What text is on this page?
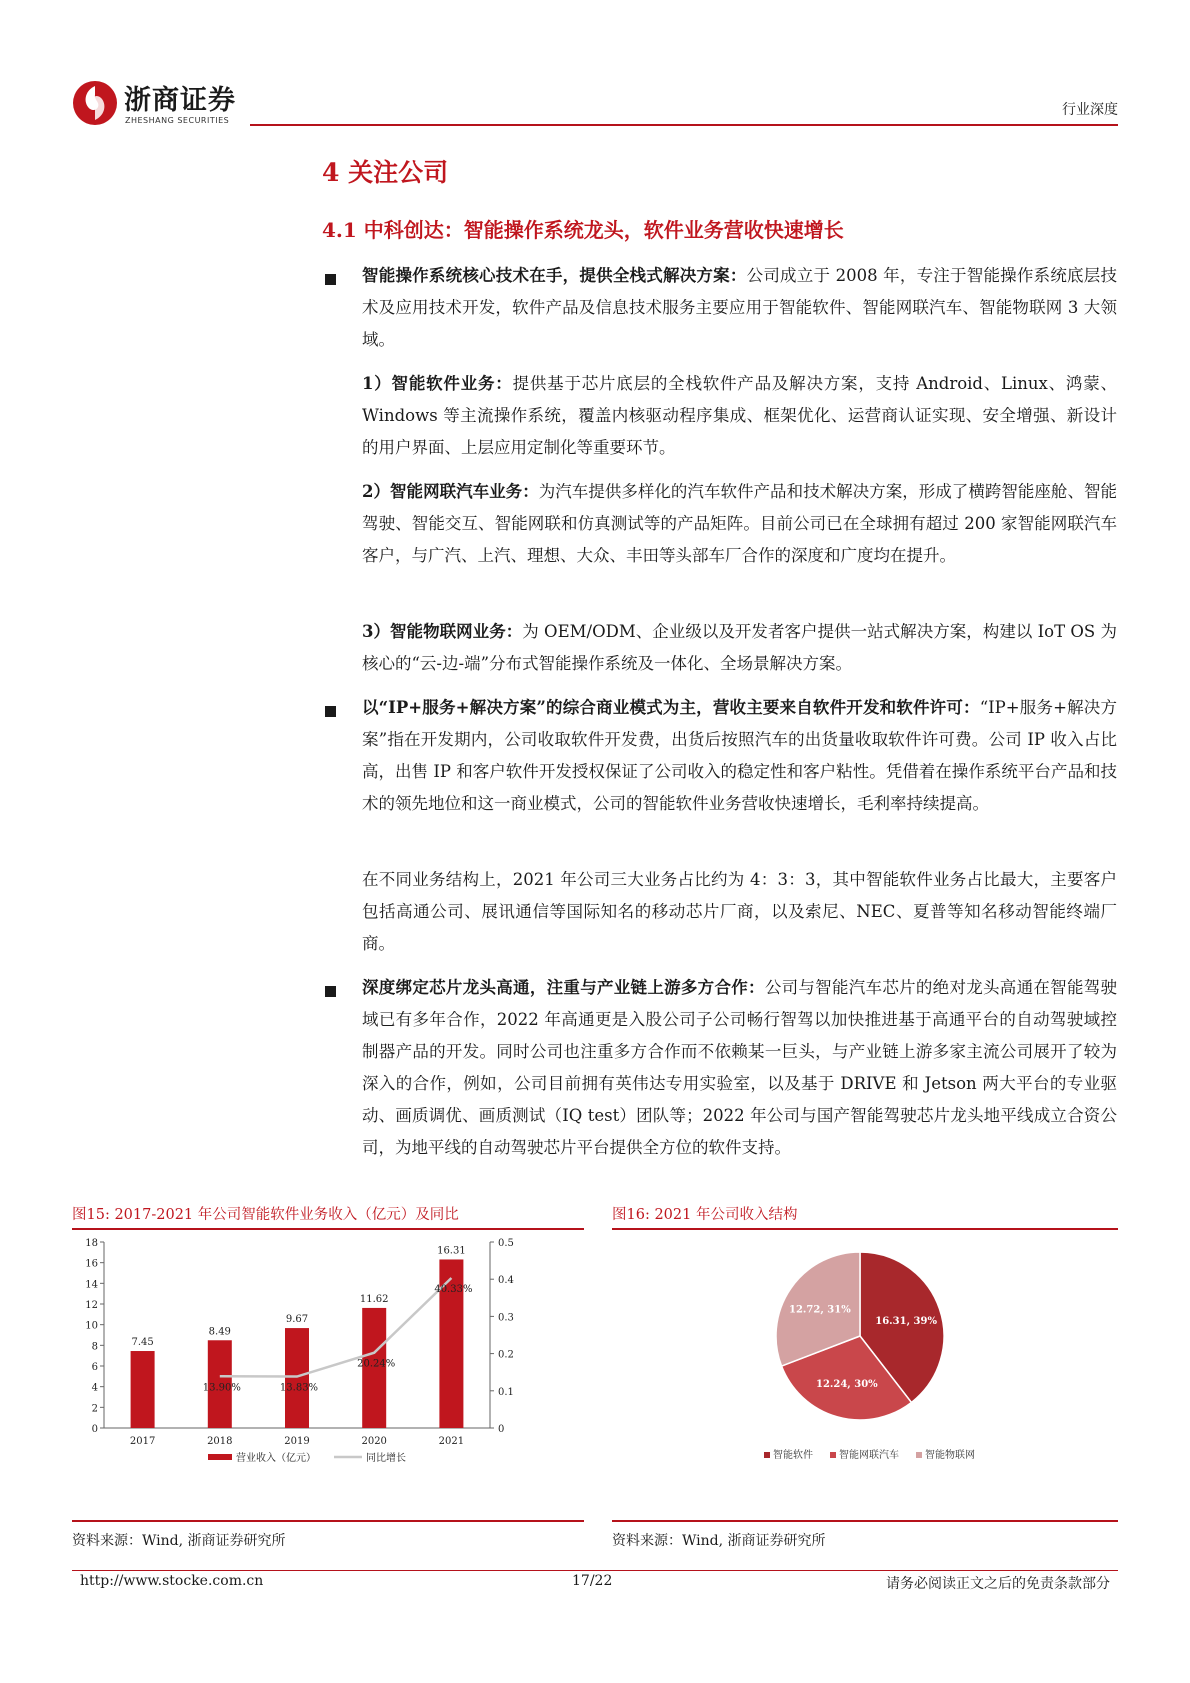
浙商证券
ZHESHANG SECURITIES
行业深度
4 关注公司
4.1 中科创达：智能操作系统龙头，软件业务营收快速增长
智能操作系统核心技术在手，提供全栈式解决方案：公司成立于 2008 年，专注于智能操作系统底层技术及应用技术开发，软件产品及信息技术服务主要应用于智能软件、智能网联汽车、智能物联网 3 大领域。
1）智能软件业务：提供基于芯片底层的全栈软件产品及解决方案，支持 Android、Linux、鸿蒙、Windows 等主流操作系统，覆盖内核驱动程序集成、框架优化、运营商认证实现、安全增强、新设计的用户界面、上层应用定制化等重要环节。
2）智能网联汽车业务：为汽车提供多样化的汽车软件产品和技术解决方案，形成了横跨智能座舱、智能驾驶、智能交互、智能网联和仿真测试等的产品矩阵。目前公司已在全球拥有超过 200 家智能网联汽车客户，与广汽、上汽、理想、大众、丰田等头部车厂合作的深度和广度均在提升。
3）智能物联网业务：为 OEM/ODM、企业级以及开发者客户提供一站式解决方案，构建以 IoT OS 为核心的“云-边-端”分布式智能操作系统及一体化、全场景解决方案。
以“IP+服务+解决方案”的综合商业模式为主，营收主要来自软件开发和软件许可：“IP+服务+解决方案”指在开发期内，公司收取软件开发费，出货后按照汽车的出货量收取软件许可费。公司 IP 收入占比高，出售 IP 和客户软件开发授权保证了公司收入的稳定性和客户粘性。凭借着在操作系统平台产品和技术的领先地位和这一商业模式，公司的智能软件业务营收快速增长，毛利率持续提高。
在不同业务结构上，2021 年公司三大业务占比约为 4：3：3，其中智能软件业务占比最大，主要客户包括高通公司、展讯通信等国际知名的移动芯片厂商，以及索尼、NEC、夏普等知名移动智能终端厂商。
深度绑定芯片龙头高通，注重与产业链上游多方合作：公司与智能汽车芯片的绝对龙头高通在智能驾驶域已有多年合作，2022 年高通更是入股公司子公司畅行智驾以加快推进基于高通平台的自动驾驶域控制器产品的开发。同时公司也注重多方合作而不依赖某一巨头，与产业链上游多家主流公司展开了较为深入的合作，例如，公司目前拥有英伟达专用实验室，以及基于 DRIVE 和 Jetson 两大平台的专业驱动、画质调优、画质测试（IQ test）团队等；2022 年公司与国产智能驾驶芯片龙头地平线成立合资公司，为地平线的自动驾驶芯片平台提供全方位的软件支持。
图15: 2017-2021 年公司智能软件业务收入（亿元）及同比
0
2
4
6
8
10
12
14
16
18
0
0.1
0.2
0.3
0.4
0.5
2017
7.45
2018
8.49
2019
9.67
2020
11.62
2021
16.31
13.90%	13.83%
20.24%
40.33%
营业收入（亿元）	同比增长
资料来源：Wind, 浙商证券研究所
图16: 2021 年公司收入结构
16.31, 39%
12.24, 30%
12.72, 31%
智能软件	智能网联汽车	智能物联网
资料来源：Wind, 浙商证券研究所
http://www.stocke.com.cn	17/22	请务必阅读正文之后的免责条款部分
